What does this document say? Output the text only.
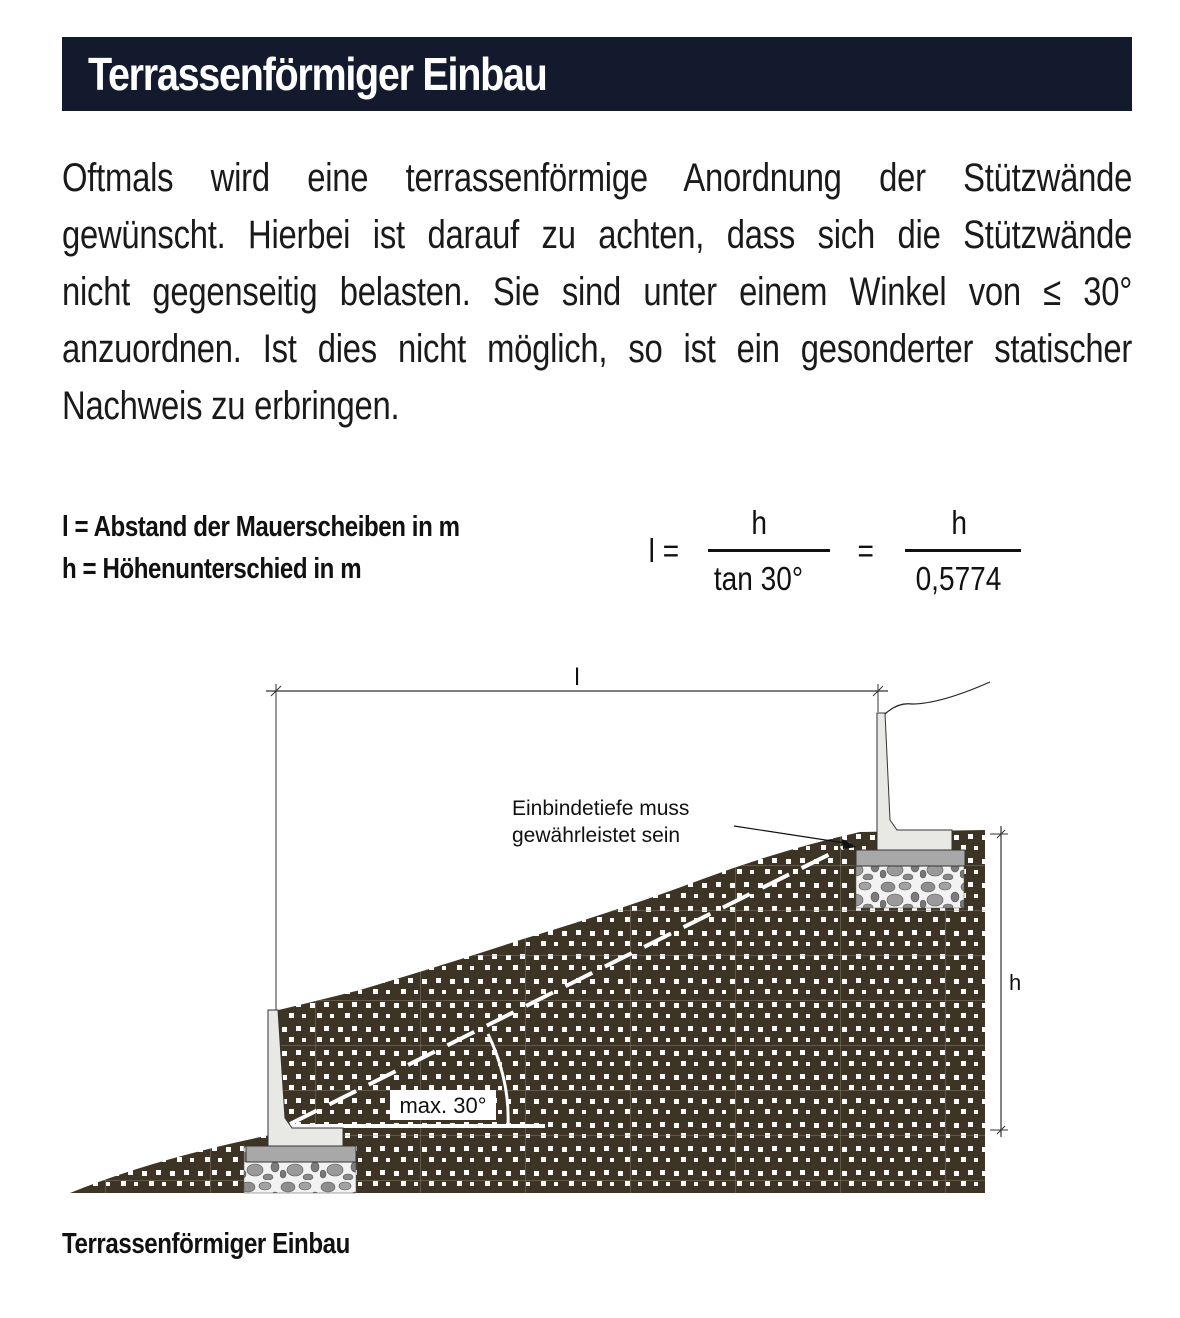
Terrassenförmiger Einbau
Oftmals wird eine terrassenförmige Anordnung der Stützwände
gewünscht. Hierbei ist darauf zu achten, dass sich die Stützwände
nicht gegenseitig belasten. Sie sind unter einem Winkel von ≤ 30°
anzuordnen. Ist dies nicht möglich, so ist ein gesonderter statischer
Nachweis zu erbringen.
l = Abstand der Mauerscheiben in m
h = Höhenunterschied in m	l =
h
tan 30°
=
h
0,5774
max. 30°
l
h
Einbindetiefe muss
gewährleistet sein
Terrassenförmiger Einbau
